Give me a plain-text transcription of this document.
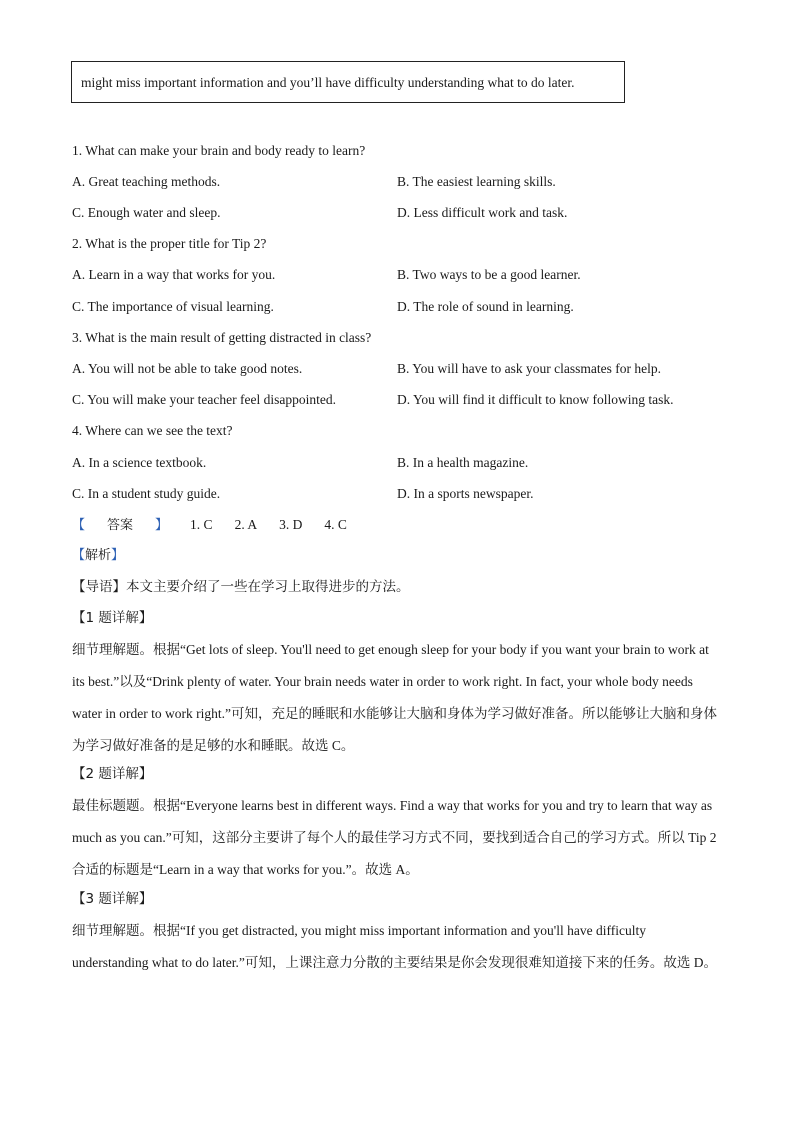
might miss important information and you’ll have difficulty understanding what to do later.
1. What can make your brain and body ready to learn?
A. Great teaching methods.	B. The easiest learning skills.
C. Enough water and sleep.	D. Less difficult work and task.
2. What is the proper title for Tip 2?
A. Learn in a way that works for you.	B. Two ways to be a good learner.
C. The importance of visual learning.	D. The role of sound in learning.
3. What is the main result of getting distracted in class?
A. You will not be able to take good notes.	B. You will have to ask your classmates for help.
C. You will make your teacher feel disappointed.	D. You will find it difficult to know following task.
4. Where can we see the text?
A. In a science textbook.	B. In a health magazine.
C. In a student study guide.	D. In a sports newspaper.
【 答案 】 1. C 2. A 3. D 4. C
【解析】
【导语】本文主要介绍了一些在学习上取得进步的方法。
【1 题详解】
细节理解题。根据“Get lots of sleep. You'll need to get enough sleep for your body if you want your brain to work at its best.”以及“Drink plenty of water. Your brain needs water in order to work right. In fact, your whole body needs water in order to work right.”可知，充足的睡眠和水能够让大脑和身体为学习做好准备。所以能够让大脑和身体为学习做好准备的是足够的水和睡眠。故选 C。
【2 题详解】
最佳标题题。根据“Everyone learns best in different ways. Find a way that works for you and try to learn that way as much as you can.”可知，这部分主要讲了每个人的最佳学习方式不同，要找到适合自己的学习方式。所以 Tip 2 合适的标题是“Learn in a way that works for you.”。故选 A。
【3 题详解】
细节理解题。根据“If you get distracted, you might miss important information and you'll have difficulty understanding what to do later.”可知，上课注意力分散的主要结果是你会发现很难知道接下来的任务。故选 D。
